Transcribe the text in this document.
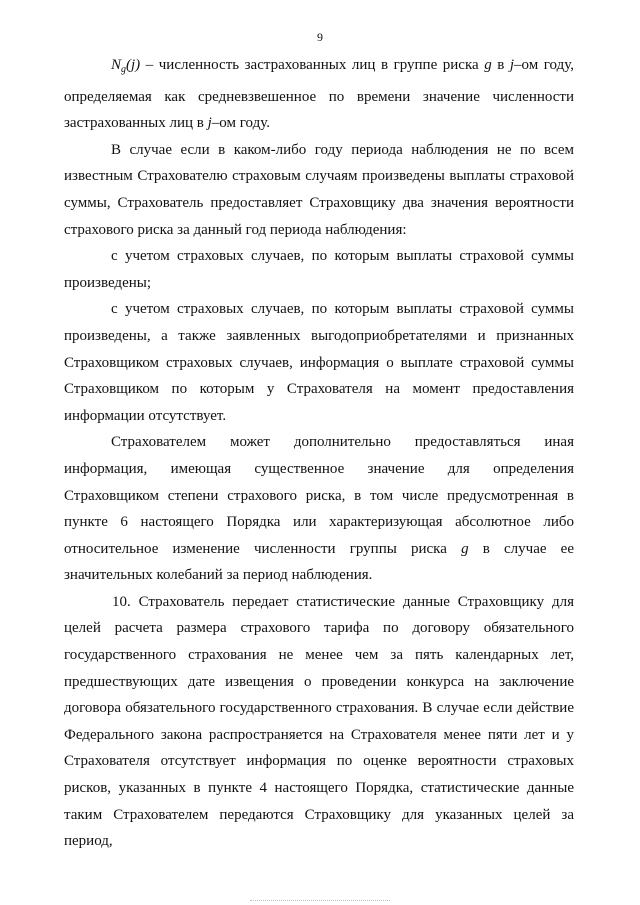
9

$N_g(j)$ – численность застрахованных лиц в группе риска g в j–ом году, определяемая как средневзвешенное по времени значение численности застрахованных лиц в j–ом году.

В случае если в каком-либо году периода наблюдения не по всем известным Страхователю страховым случаям произведены выплаты страховой суммы, Страхователь предоставляет Страховщику два значения вероятности страхового риска за данный год периода наблюдения:

с учетом страховых случаев, по которым выплаты страховой суммы произведены;

с учетом страховых случаев, по которым выплаты страховой суммы произведены, а также заявленных выгодоприобретателями и признанных Страховщиком страховых случаев, информация о выплате страховой суммы Страховщиком по которым у Страхователя на момент предоставления информации отсутствует.

Страхователем может дополнительно предоставляться иная информация, имеющая существенное значение для определения Страховщиком степени страхового риска, в том числе предусмотренная в пункте 6 настоящего Порядка или характеризующая абсолютное либо относительное изменение численности группы риска g в случае ее значительных колебаний за период наблюдения.

10. Страхователь передает статистические данные Страховщику для целей расчета размера страхового тарифа по договору обязательного государственного страхования не менее чем за пять календарных лет, предшествующих дате извещения о проведении конкурса на заключение договора обязательного государственного страхования. В случае если действие Федерального закона распространяется на Страхователя менее пяти лет и у Страхователя отсутствует информация по оценке вероятности страховых рисков, указанных в пункте 4 настоящего Порядка, статистические данные таким Страхователем передаются Страховщику для указанных целей за период,
